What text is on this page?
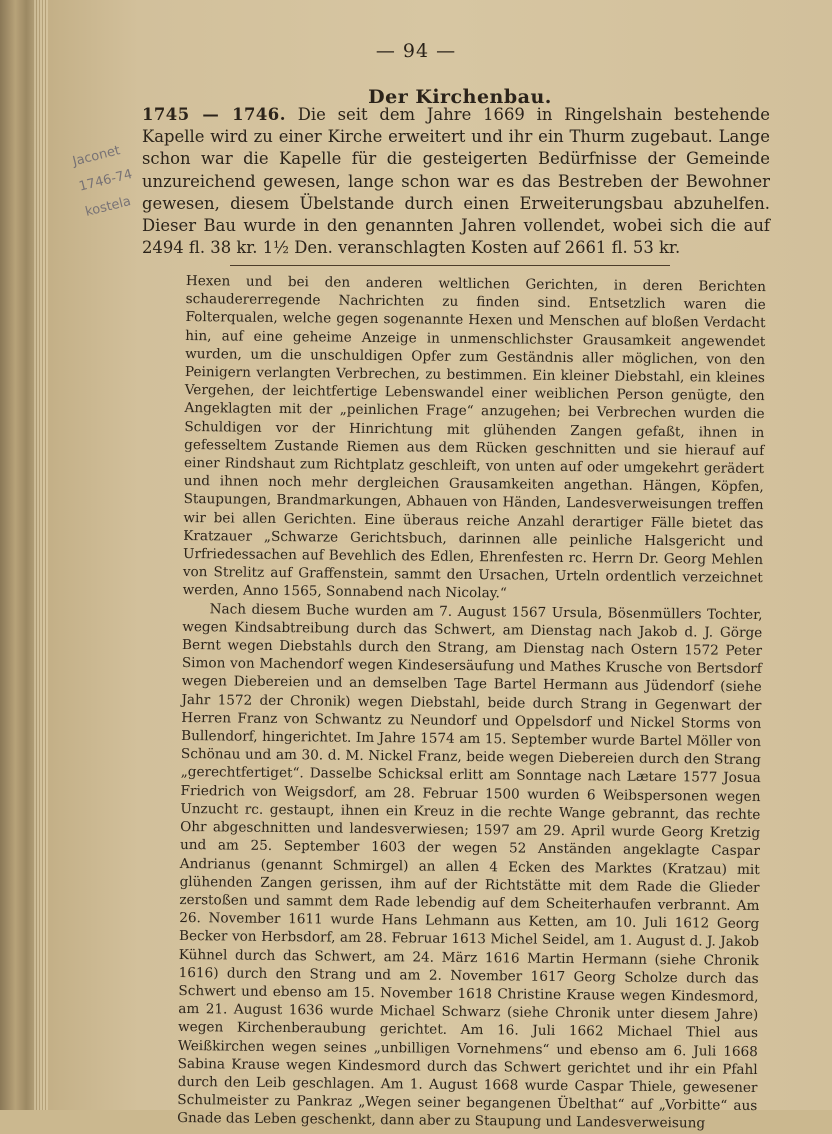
— 94 —
Der Kirchenbau.
1745 — 1746. Die seit dem Jahre 1669 in Ringelshain bestehende Kapelle wird zu einer Kirche erweitert und ihr ein Thurm zugebaut. Lange schon war die Kapelle für die gesteigerten Bedürfnisse der Gemeinde unzureichend gewesen, lange schon war es das Bestreben der Bewohner gewesen, diesem Übelstande durch einen Erweiterungsbau abzuhelfen. Dieser Bau wurde in den genannten Jahren vollendet, wobei sich die auf 2494 fl. 38 kr. 1½ Den. veranschlagten Kosten auf 2661 fl. 53 kr.
Jaconet
1746-74
kostela

Hexen und bei den anderen weltlichen Gerichten, in deren Berichten schaudererregende Nachrichten zu finden sind. Entsetzlich waren die Folterqualen, welche gegen sogenannte Hexen und Menschen auf bloßen Verdacht hin, auf eine geheime Anzeige in unmenschlichster Grausamkeit angewendet wurden, um die unschuldigen Opfer zum Geständnis aller möglichen, von den Peinigern verlangten Verbrechen, zu bestimmen. Ein kleiner Diebstahl, ein kleines Vergehen, der leichtfertige Lebenswandel einer weiblichen Person genügte, den Angeklagten mit der „peinlichen Frage“ anzugehen; bei Verbrechen wurden die Schuldigen vor der Hinrichtung mit glühenden Zangen gefaßt, ihnen in gefesseltem Zustande Riemen aus dem Rücken geschnitten und sie hierauf auf einer Rindshaut zum Richtplatz geschleift, von unten auf oder umgekehrt gerädert und ihnen noch mehr dergleichen Grausamkeiten angethan. Hängen, Köpfen, Staupungen, Brandmarkungen, Abhauen von Händen, Landesverweisungen treffen wir bei allen Gerichten. Eine überaus reiche Anzahl derartiger Fälle bietet das Kratzauer „Schwarze Gerichtsbuch, darinnen alle peinliche Halsgericht und Urfriedessachen auf Bevehlich des Edlen, Ehrenfesten rc. Herrn Dr. Georg Mehlen von Strelitz auf Graffenstein, sammt den Ursachen, Urteln ordentlich verzeichnet werden, Anno 1565, Sonnabend nach Nicolay.“

Nach diesem Buche wurden am 7. August 1567 Ursula, Bösenmüllers Tochter, wegen Kindsabtreibung durch das Schwert, am Dienstag nach Jakob d. J. Görge Bernt wegen Diebstahls durch den Strang, am Dienstag nach Ostern 1572 Peter Simon von Machendorf wegen Kindesersäufung und Mathes Krusche von Bertsdorf wegen Diebereien und an demselben Tage Bartel Hermann aus Jüdendorf (siehe Jahr 1572 der Chronik) wegen Diebstahl, beide durch Strang in Gegenwart der Herren Franz von Schwantz zu Neundorf und Oppelsdorf und Nickel Storms von Bullendorf, hingerichtet. Im Jahre 1574 am 15. September wurde Bartel Möller von Schönau und am 30. d. M. Nickel Franz, beide wegen Diebereien durch den Strang „gerechtfertiget“. Dasselbe Schicksal erlitt am Sonntage nach Lætare 1577 Josua Friedrich von Weigsdorf, am 28. Februar 1500 wurden 6 Weibspersonen wegen Unzucht rc. gestaupt, ihnen ein Kreuz in die rechte Wange gebrannt, das rechte Ohr abgeschnitten und landesverwiesen; 1597 am 29. April wurde Georg Kretzig und am 25. September 1603 der wegen 52 Anständen angeklagte Caspar Andrianus (genannt Schmirgel) an allen 4 Ecken des Marktes (Kratzau) mit glühenden Zangen gerissen, ihm auf der Richtstätte mit dem Rade die Glieder zerstoßen und sammt dem Rade lebendig auf dem Scheiterhaufen verbrannt. Am 26. November 1611 wurde Hans Lehmann aus Ketten, am 10. Juli 1612 Georg Becker von Herbsdorf, am 28. Februar 1613 Michel Seidel, am 1. August d. J. Jakob Kühnel durch das Schwert, am 24. März 1616 Martin Hermann (siehe Chronik 1616) durch den Strang und am 2. November 1617 Georg Scholze durch das Schwert und ebenso am 15. November 1618 Christine Krause wegen Kindesmord, am 21. August 1636 wurde Michael Schwarz (siehe Chronik unter diesem Jahre) wegen Kirchenberaubung gerichtet. Am 16. Juli 1662 Michael Thiel aus Weißkirchen wegen seines „unbilligen Vornehmens“ und ebenso am 6. Juli 1668 Sabina Krause wegen Kindesmord durch das Schwert gerichtet und ihr ein Pfahl durch den Leib geschlagen. Am 1. August 1668 wurde Caspar Thiele, gewesener Schulmeister zu Pankraz „Wegen seiner begangenen Übelthat“ auf „Vorbitte“ aus Gnade das Leben geschenkt, dann aber zu Staupung und Landesverweisung
